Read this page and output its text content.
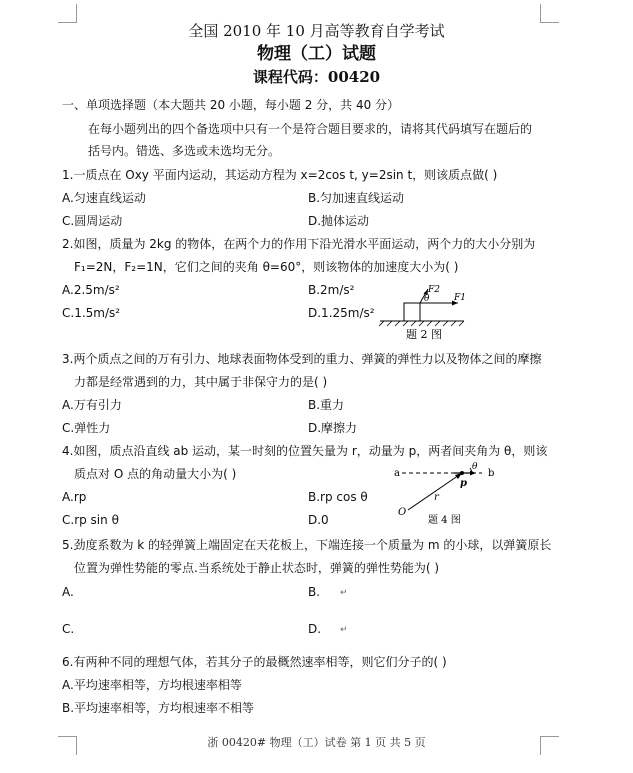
全国 2010 年 10 月高等教育自学考试
物理（工）试题
课程代码：00420
一、单项选择题（本大题共 20 小题，每小题 2 分，共 40 分）
在每小题列出的四个备选项中只有一个是符合题目要求的，请将其代码填写在题后的
括号内。错选、多选或未选均无分。
1.一质点在 Oxy 平面内运动，其运动方程为 x=2cos t, y=2sin t，则该质点做( )
A.匀速直线运动	B.匀加速直线运动
C.圆周运动	D.抛体运动
2.如图，质量为 2kg 的物体，在两个力的作用下沿光滑水平面运动，两个力的大小分别为
F₁=2N，F₂=1N，它们之间的夹角 θ=60°，则该物体的加速度大小为( )
A.2.5m/s²	B.2m/s²
C.1.5m/s²	D.1.25m/s²
F2
θ	F1
题 2 图
3.两个质点之间的万有引力、地球表面物体受到的重力、弹簧的弹性力以及物体之间的摩擦
力都是经常遇到的力，其中属于非保守力的是( )
A.万有引力	B.重力
C.弹性力	D.摩擦力
4.如图，质点沿直线 ab 运动，某一时刻的位置矢量为 r，动量为 p，两者间夹角为 θ，则该
质点对 O 点的角动量大小为( )
A.rp	B.rp cos θ
C.rp sin θ	D.0
a	b
θ
p
r
O
题 4 图
5.劲度系数为 k 的轻弹簧上端固定在天花板上，下端连接一个质量为 m 的小球，以弹簧原长
位置为弹性势能的零点.当系统处于静止状态时，弹簧的弹性势能为( )
A.	B. ↵
C.	D. ↵
6.有两种不同的理想气体，若其分子的最概然速率相等，则它们分子的( )
A.平均速率相等，方均根速率相等
B.平均速率相等，方均根速率不相等
浙 00420# 物理（工）试卷 第 1 页 共 5 页
